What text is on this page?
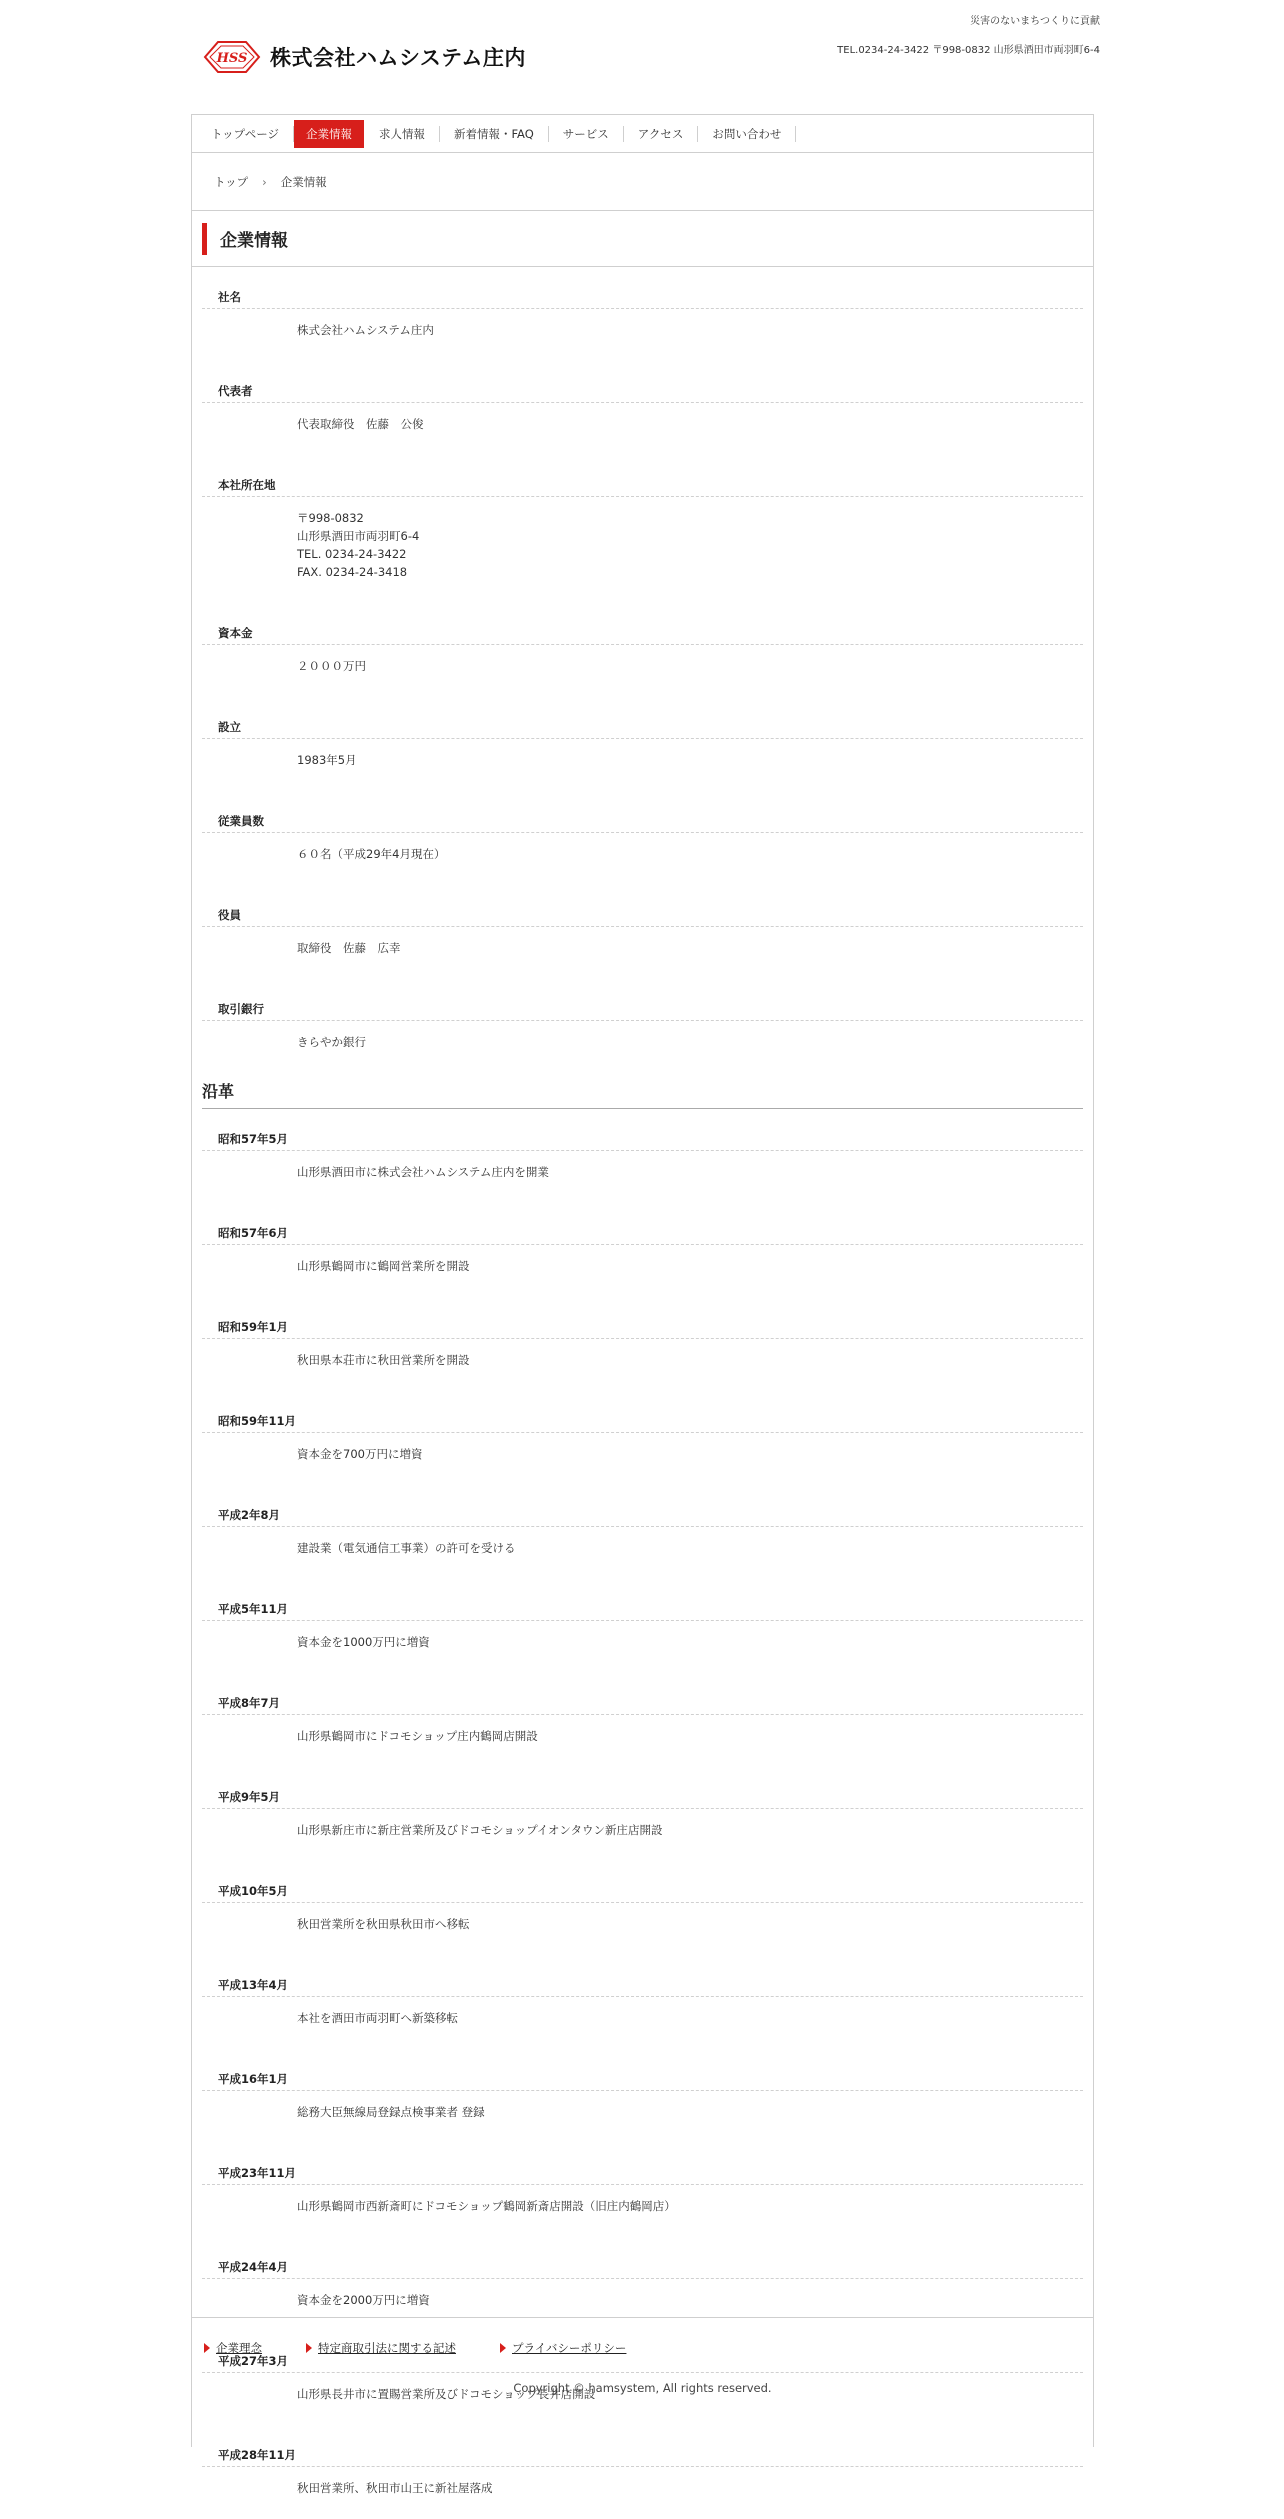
災害のないまちつくりに貢献
TEL.0234-24-3422 〒998-0832 山形県酒田市両羽町6-4
HSS 株式会社ハムシステム庄内
トップページ	企業情報	求人情報	新着情報・FAQ	サービス	アクセス	お問い合わせ
トップ › 企業情報
企業情報
社名
株式会社ハムシステム庄内
代表者
代表取締役　佐藤　公俊
本社所在地
〒998-0832
山形県酒田市両羽町6-4
TEL. 0234-24-3422
FAX. 0234-24-3418
資本金
２０００万円
設立
1983年5月
従業員数
６０名（平成29年4月現在）
役員
取締役　佐藤　広幸
取引銀行
きらやか銀行
沿革
昭和57年5月
山形県酒田市に株式会社ハムシステム庄内を開業
昭和57年6月
山形県鶴岡市に鶴岡営業所を開設
昭和59年1月
秋田県本荘市に秋田営業所を開設
昭和59年11月
資本金を700万円に増資
平成2年8月
建設業（電気通信工事業）の許可を受ける
平成5年11月
資本金を1000万円に増資
平成8年7月
山形県鶴岡市にドコモショップ庄内鶴岡店開設
平成9年5月
山形県新庄市に新庄営業所及びドコモショップイオンタウン新庄店開設
平成10年5月
秋田営業所を秋田県秋田市へ移転
平成13年4月
本社を酒田市両羽町へ新築移転
平成16年1月
総務大臣無線局登録点検事業者 登録
平成23年11月
山形県鶴岡市西新斎町にドコモショップ鶴岡新斎店開設（旧庄内鶴岡店）
平成24年4月
資本金を2000万円に増資
平成27年3月
山形県長井市に置賜営業所及びドコモショップ長井店開設
平成28年11月
秋田営業所、秋田市山王に新社屋落成
企業理念	特定商取引法に関する記述	プライバシーポリシー
Copyright © hamsystem, All rights reserved.
